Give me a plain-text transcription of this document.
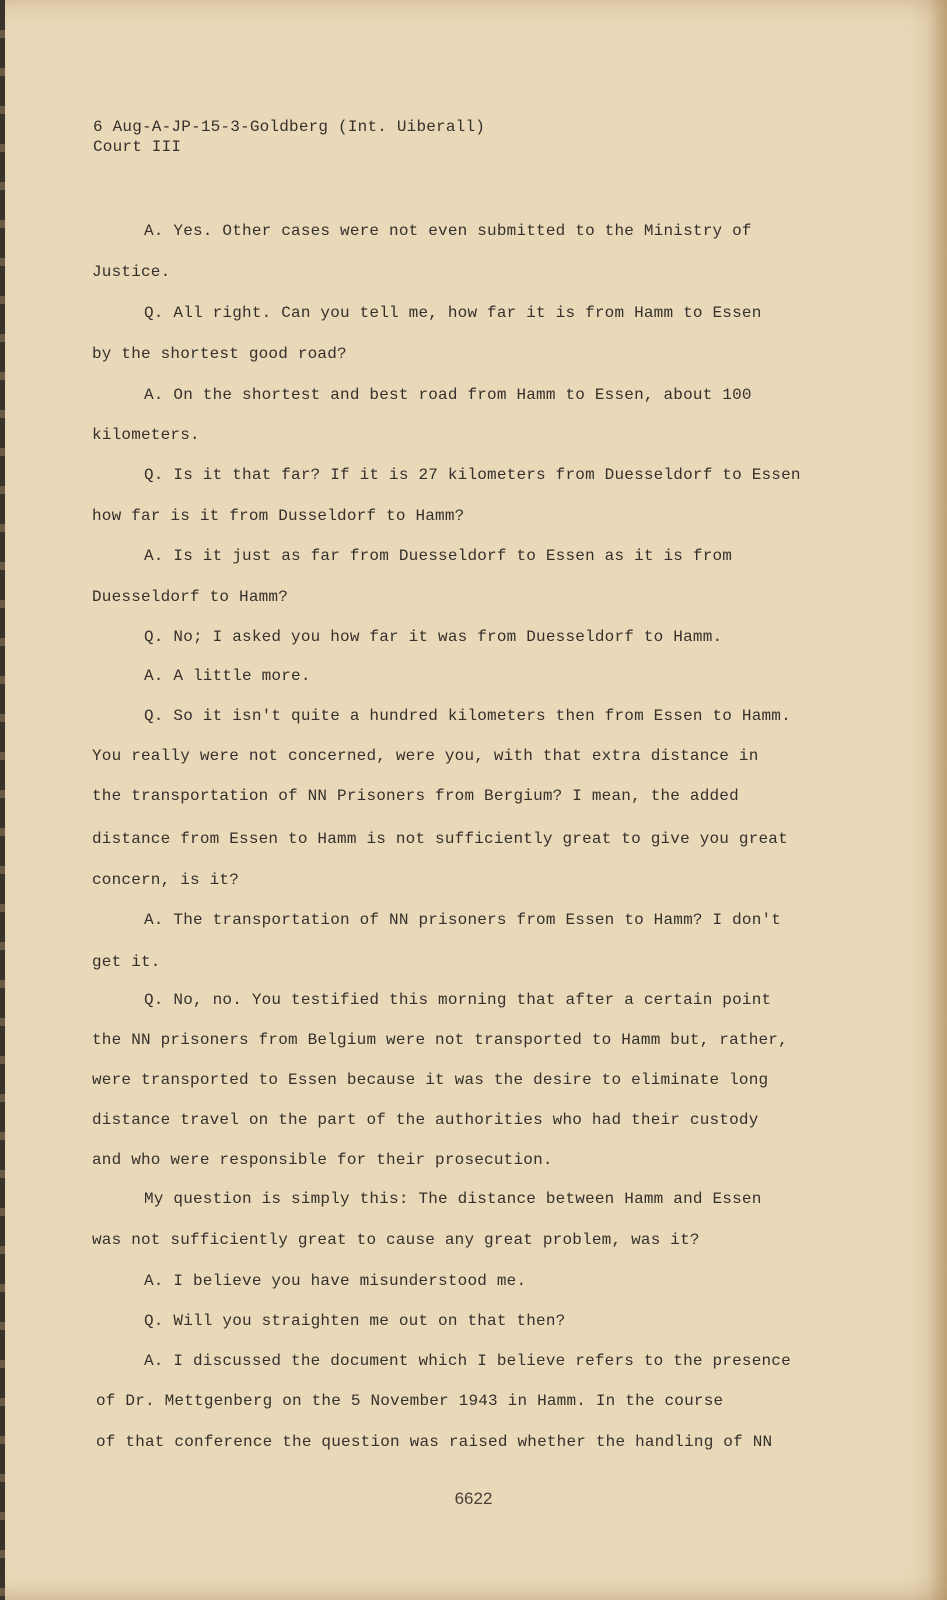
6 Aug-A-JP-15-3-Goldberg (Int. Uiberall)

Court III

A. Yes. Other cases were not even submitted to the Ministry of

Justice.

Q. All right. Can you tell me, how far it is from Hamm to Essen

by the shortest good road?

A. On the shortest and best road from Hamm to Essen, about 100

kilometers.

Q. Is it that far? If it is 27 kilometers from Duesseldorf to Essen

how far is it from Dusseldorf to Hamm?

A. Is it just as far from Duesseldorf to Essen as it is from

Duesseldorf to Hamm?

Q. No; I asked you how far it was from Duesseldorf to Hamm.

A. A little more.

Q. So it isn't quite a hundred kilometers then from Essen to Hamm.

You really were not concerned, were you, with that extra distance in

the transportation of NN Prisoners from Bergium? I mean, the added

distance from Essen to Hamm is not sufficiently great to give you great

concern, is it?

A. The transportation of NN prisoners from Essen to Hamm? I don't

get it.

Q. No, no. You testified this morning that after a certain point

the NN prisoners from Belgium were not transported to Hamm but, rather,

were transported to Essen because it was the desire to eliminate long

distance travel on the part of the authorities who had their custody

and who were responsible for their prosecution.

My question is simply this: The distance between Hamm and Essen

was not sufficiently great to cause any great problem, was it?

A. I believe you have misunderstood me.

Q. Will you straighten me out on that then?

A. I discussed the document which I believe refers to the presence

of Dr. Mettgenberg on the 5 November 1943 in Hamm. In the course

of that conference the question was raised whether the handling of NN

6622
